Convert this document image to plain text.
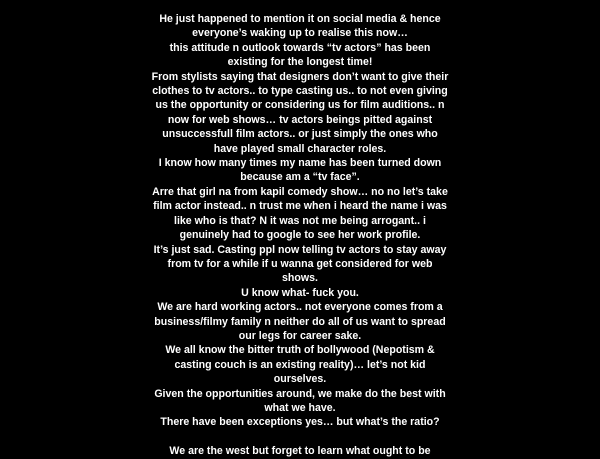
He just happened to mention it on social media & hence
everyone’s waking up to realise this now…
this attitude n outlook towards “tv actors” has been
existing for the longest time!
From stylists saying that designers don’t want to give their
clothes to tv actors.. to type casting us.. to not even giving
us the opportunity or considering us for film auditions.. n
now for web shows… tv actors beings pitted against
unsuccessfull film actors.. or just simply the ones who
have played small character roles.
I know how many times my name has been turned down
because am a “tv face”.
Arre that girl na from kapil comedy show… no no let’s take
film actor instead.. n trust me when i heard the name i was
like who is that? N it was not me being arrogant.. i
genuinely had to google to see her work profile.
It’s just sad. Casting ppl now telling tv actors to stay away
from tv for a while if u wanna get considered for web
shows.
U know what- fuck you.
We are hard working actors.. not everyone comes from a
business/filmy family n neither do all of us want to spread
our legs for career sake.
We all know the bitter truth of bollywood (Nepotism &
casting couch is an existing reality)… let’s not kid
ourselves.
Given the opportunities around, we make do the best with
what we have.
There have been exceptions yes… but what’s the ratio?
We are the west but forget to learn what ought to be
